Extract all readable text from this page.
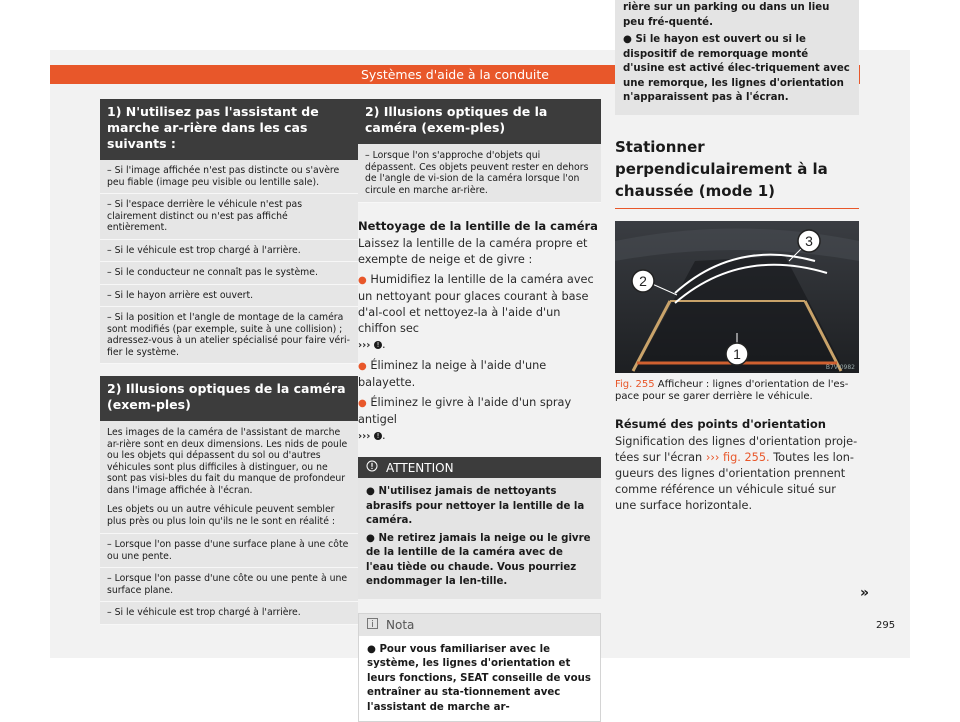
Systèmes d'aide à la conduite
1) N'utilisez pas l'assistant de marche ar-rière dans les cas suivants :
– Si l'image affichée n'est pas distincte ou s'avère peu fiable (image peu visible ou lentille sale).
– Si l'espace derrière le véhicule n'est pas clairement distinct ou n'est pas affiché entièrement.
– Si le véhicule est trop chargé à l'arrière.
– Si le conducteur ne connaît pas le système.
– Si le hayon arrière est ouvert.
– Si la position et l'angle de montage de la caméra sont modifiés (par exemple, suite à une collision) ; adressez-vous à un atelier spécialisé pour faire véri-fier le système.
2) Illusions optiques de la caméra (exem-ples)
Les images de la caméra de l'assistant de marche ar-rière sont en deux dimensions. Les nids de poule ou les objets qui dépassent du sol ou d'autres véhicules sont plus difficiles à distinguer, ou ne sont pas visi-bles du fait du manque de profondeur dans l'image affichée à l'écran.
Les objets ou un autre véhicule peuvent sembler plus près ou plus loin qu'ils ne le sont en réalité :
– Lorsque l'on passe d'une surface plane à une côte ou une pente.
– Lorsque l'on passe d'une côte ou une pente à une surface plane.
– Si le véhicule est trop chargé à l'arrière.
2) Illusions optiques de la caméra (exem-ples)
– Lorsque l'on s'approche d'objets qui dépassent. Ces objets peuvent rester en dehors de l'angle de vi-sion de la caméra lorsque l'on circule en marche ar-rière.
Nettoyage de la lentille de la caméra
Laissez la lentille de la caméra propre et exempte de neige et de givre :
● Humidifiez la lentille de la caméra avec un nettoyant pour glaces courant à base d'al-cool et nettoyez-la à l'aide d'un chiffon sec
››› ! .
● Éliminez la neige à l'aide d'une balayette.
● Éliminez le givre à l'aide d'un spray antigel
››› ! .
ATTENTION
● N'utilisez jamais de nettoyants abrasifs pour nettoyer la lentille de la caméra.
● Ne retirez jamais la neige ou le givre de la lentille de la caméra avec de l'eau tiède ou chaude. Vous pourriez endommager la len-tille.
Nota
● Pour vous familiariser avec le système, les lignes d'orientation et leurs fonctions, SEAT conseille de vous entraîner au sta-tionnement avec l'assistant de marche ar-
rière sur un parking ou dans un lieu peu fré-quenté.
● Si le hayon est ouvert ou si le dispositif de remorquage monté d'usine est activé élec-triquement avec une remorque, les lignes d'orientation n'apparaissent pas à l'écran.
Stationner perpendiculairement à la chaussée (mode 1)
1
2
3
B7V-0982
Fig. 255 Afficheur : lignes d'orientation de l'es-pace pour se garer derrière le véhicule.
Résumé des points d'orientation
Signification des lignes d'orientation proje-tées sur l'écran ››› fig. 255. Toutes les lon-gueurs des lignes d'orientation prennent comme référence un véhicule situé sur une surface horizontale.
»
295
